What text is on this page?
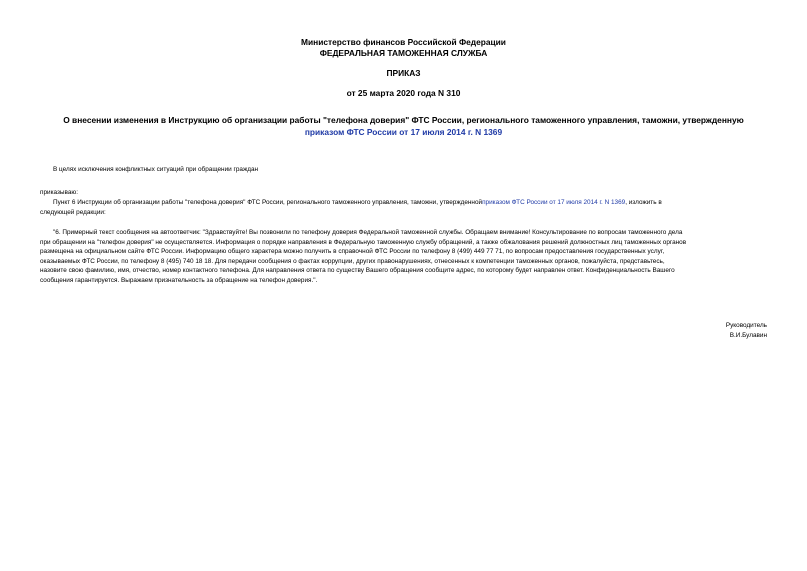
Министерство финансов Российской Федерации
ФЕДЕРАЛЬНАЯ ТАМОЖЕННАЯ СЛУЖБА
ПРИКАЗ
от 25 марта 2020 года N 310
О внесении изменения в Инструкцию об организации работы "телефона доверия" ФТС России, регионального таможенного управления, таможни, утвержденную
приказом ФТС России от 17 июля 2014 г. N 1369
В целях исключения конфликтных ситуаций при обращении граждан
приказываю:
Пункт 6 Инструкции об организации работы "телефона доверия" ФТС России, регионального таможенного управления, таможни, утвержденнойприказом ФТС России от 17 июля 2014 г. N 1369, изложить в
следующей редакции:
"6. Примерный текст сообщения на автоответчик: "Здравствуйте! Вы позвонили по телефону доверия Федеральной таможенной службы. Обращаем внимание! Консультирование по вопросам таможенного дела
при обращении на "телефон доверия" не осуществляется. Информация о порядке направления в Федеральную таможенную службу обращений, а также обжалования решений должностных лиц таможенных органов
размещена на официальном сайте ФТС России. Информацию общего характера можно получить в справочной ФТС России по телефону 8 (499) 449 77 71, по вопросам предоставления государственных услуг,
оказываемых ФТС России, по телефону 8 (495) 740 18 18. Для передачи сообщения о фактах коррупции, других правонарушениях, отнесенных к компетенции таможенных органов, пожалуйста, представьтесь,
назовите свою фамилию, имя, отчество, номер контактного телефона. Для направления ответа по существу Вашего обращения сообщите адрес, по которому будет направлен ответ. Конфиденциальность Вашего
сообщения гарантируется. Выражаем признательность за обращение на телефон доверия.".
Руководитель
В.И.Булавин
